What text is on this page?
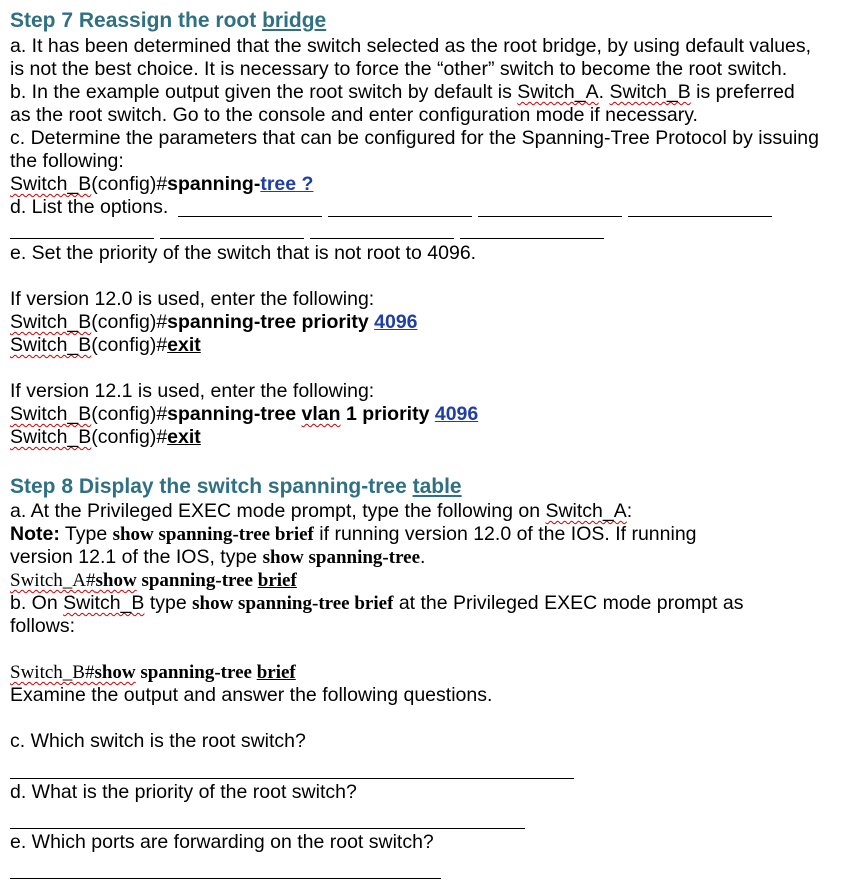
Step 7 Reassign the root bridge
a. It has been determined that the switch selected as the root bridge, by using default values,
is not the best choice. It is necessary to force the “other” switch to become the root switch.
b. In the example output given the root switch by default is Switch_A. Switch_B is preferred
as the root switch. Go to the console and enter configuration mode if necessary.
c. Determine the parameters that can be configured for the Spanning-Tree Protocol by issuing
the following:
Switch_B(config)#spanning-tree ?
d. List the options.
e. Set the priority of the switch that is not root to 4096.
If version 12.0 is used, enter the following:
Switch_B(config)#spanning-tree priority 4096
Switch_B(config)#exit
If version 12.1 is used, enter the following:
Switch_B(config)#spanning-tree vlan 1 priority 4096
Switch_B(config)#exit
Step 8 Display the switch spanning-tree table
a. At the Privileged EXEC mode prompt, type the following on Switch_A:
Note: Type show spanning-tree brief if running version 12.0 of the IOS. If running
version 12.1 of the IOS, type show spanning-tree.
Switch_A#show spanning-tree brief
b. On Switch_B type show spanning-tree brief at the Privileged EXEC mode prompt as
follows:
Switch_B#show spanning-tree brief
Examine the output and answer the following questions.
c. Which switch is the root switch?
d. What is the priority of the root switch?
e. Which ports are forwarding on the root switch?
